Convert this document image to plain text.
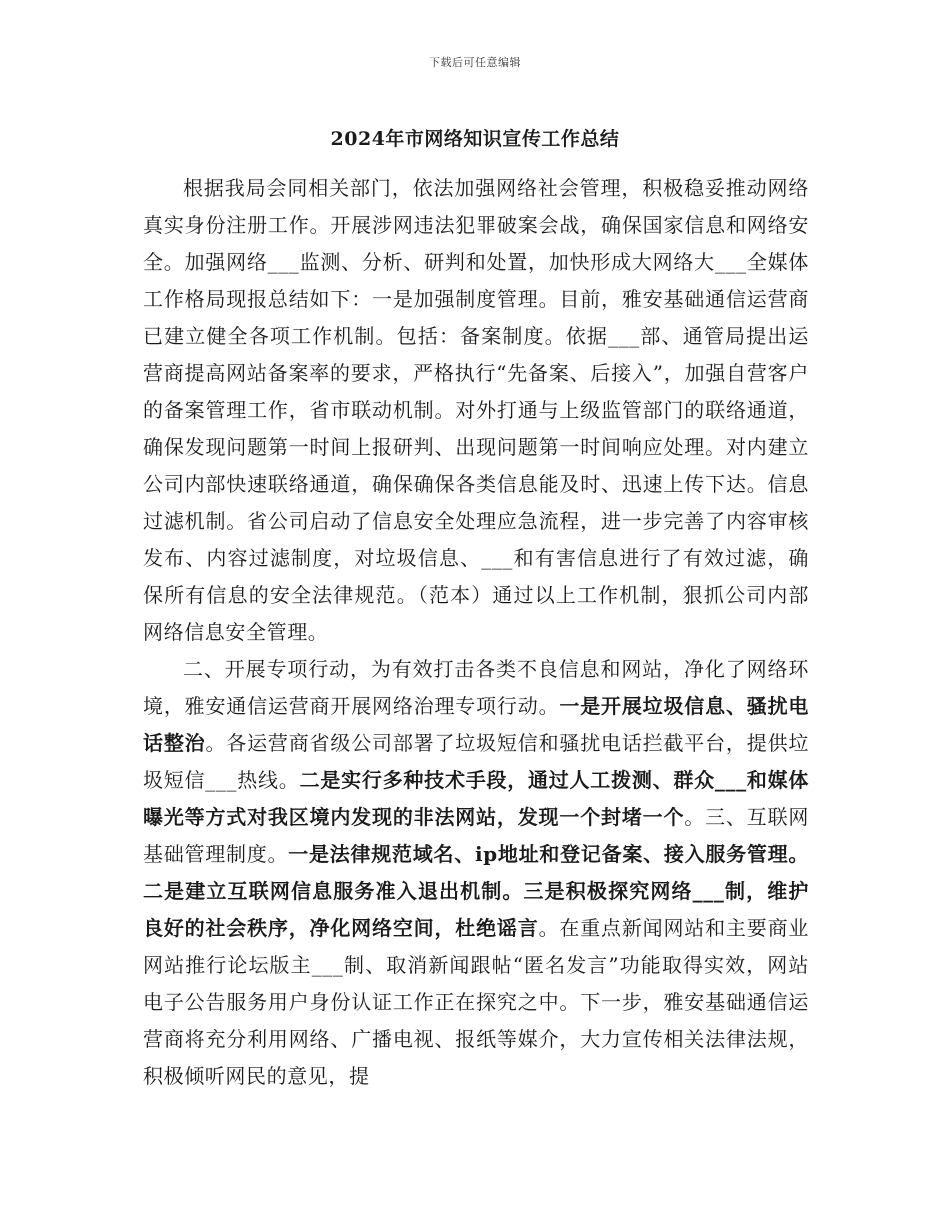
下载后可任意编辑
2024年市网络知识宣传工作总结

根据我局会同相关部门，依法加强网络社会管理，积极稳妥推动网络真实身份注册工作。开展涉网违法犯罪破案会战，确保国家信息和网络安全。加强网络___监测、分析、研判和处置，加快形成大网络大___全媒体工作格局现报总结如下：一是加强制度管理。目前，雅安基础通信运营商已建立健全各项工作机制。包括：备案制度。依据___部、通管局提出运营商提高网站备案率的要求，严格执行“先备案、后接入”，加强自营客户的备案管理工作，省市联动机制。对外打通与上级监管部门的联络通道，确保发现问题第一时间上报研判、出现问题第一时间响应处理。对内建立公司内部快速联络通道，确保确保各类信息能及时、迅速上传下达。信息过滤机制。省公司启动了信息安全处理应急流程，进一步完善了内容审核发布、内容过滤制度，对垃圾信息、___和有害信息进行了有效过滤，确保所有信息的安全法律规范。（范本）通过以上工作机制，狠抓公司内部网络信息安全管理。

二、开展专项行动，为有效打击各类不良信息和网站，净化了网络环境，雅安通信运营商开展网络治理专项行动。一是开展垃圾信息、骚扰电话整治。各运营商省级公司部署了垃圾短信和骚扰电话拦截平台，提供垃圾短信___热线。二是实行多种技术手段，通过人工拨测、群众___和媒体曝光等方式对我区境内发现的非法网站，发现一个封堵一个。三、互联网基础管理制度。一是法律规范域名、ip地址和登记备案、接入服务管理。二是建立互联网信息服务准入退出机制。三是积极探究网络___制，维护良好的社会秩序，净化网络空间，杜绝谣言。在重点新闻网站和主要商业网站推行论坛版主___制、取消新闻跟帖“匿名发言”功能取得实效，网站电子公告服务用户身份认证工作正在探究之中。下一步，雅安基础通信运营商将充分利用网络、广播电视、报纸等媒介，大力宣传相关法律法规，积极倾听网民的意见，提
